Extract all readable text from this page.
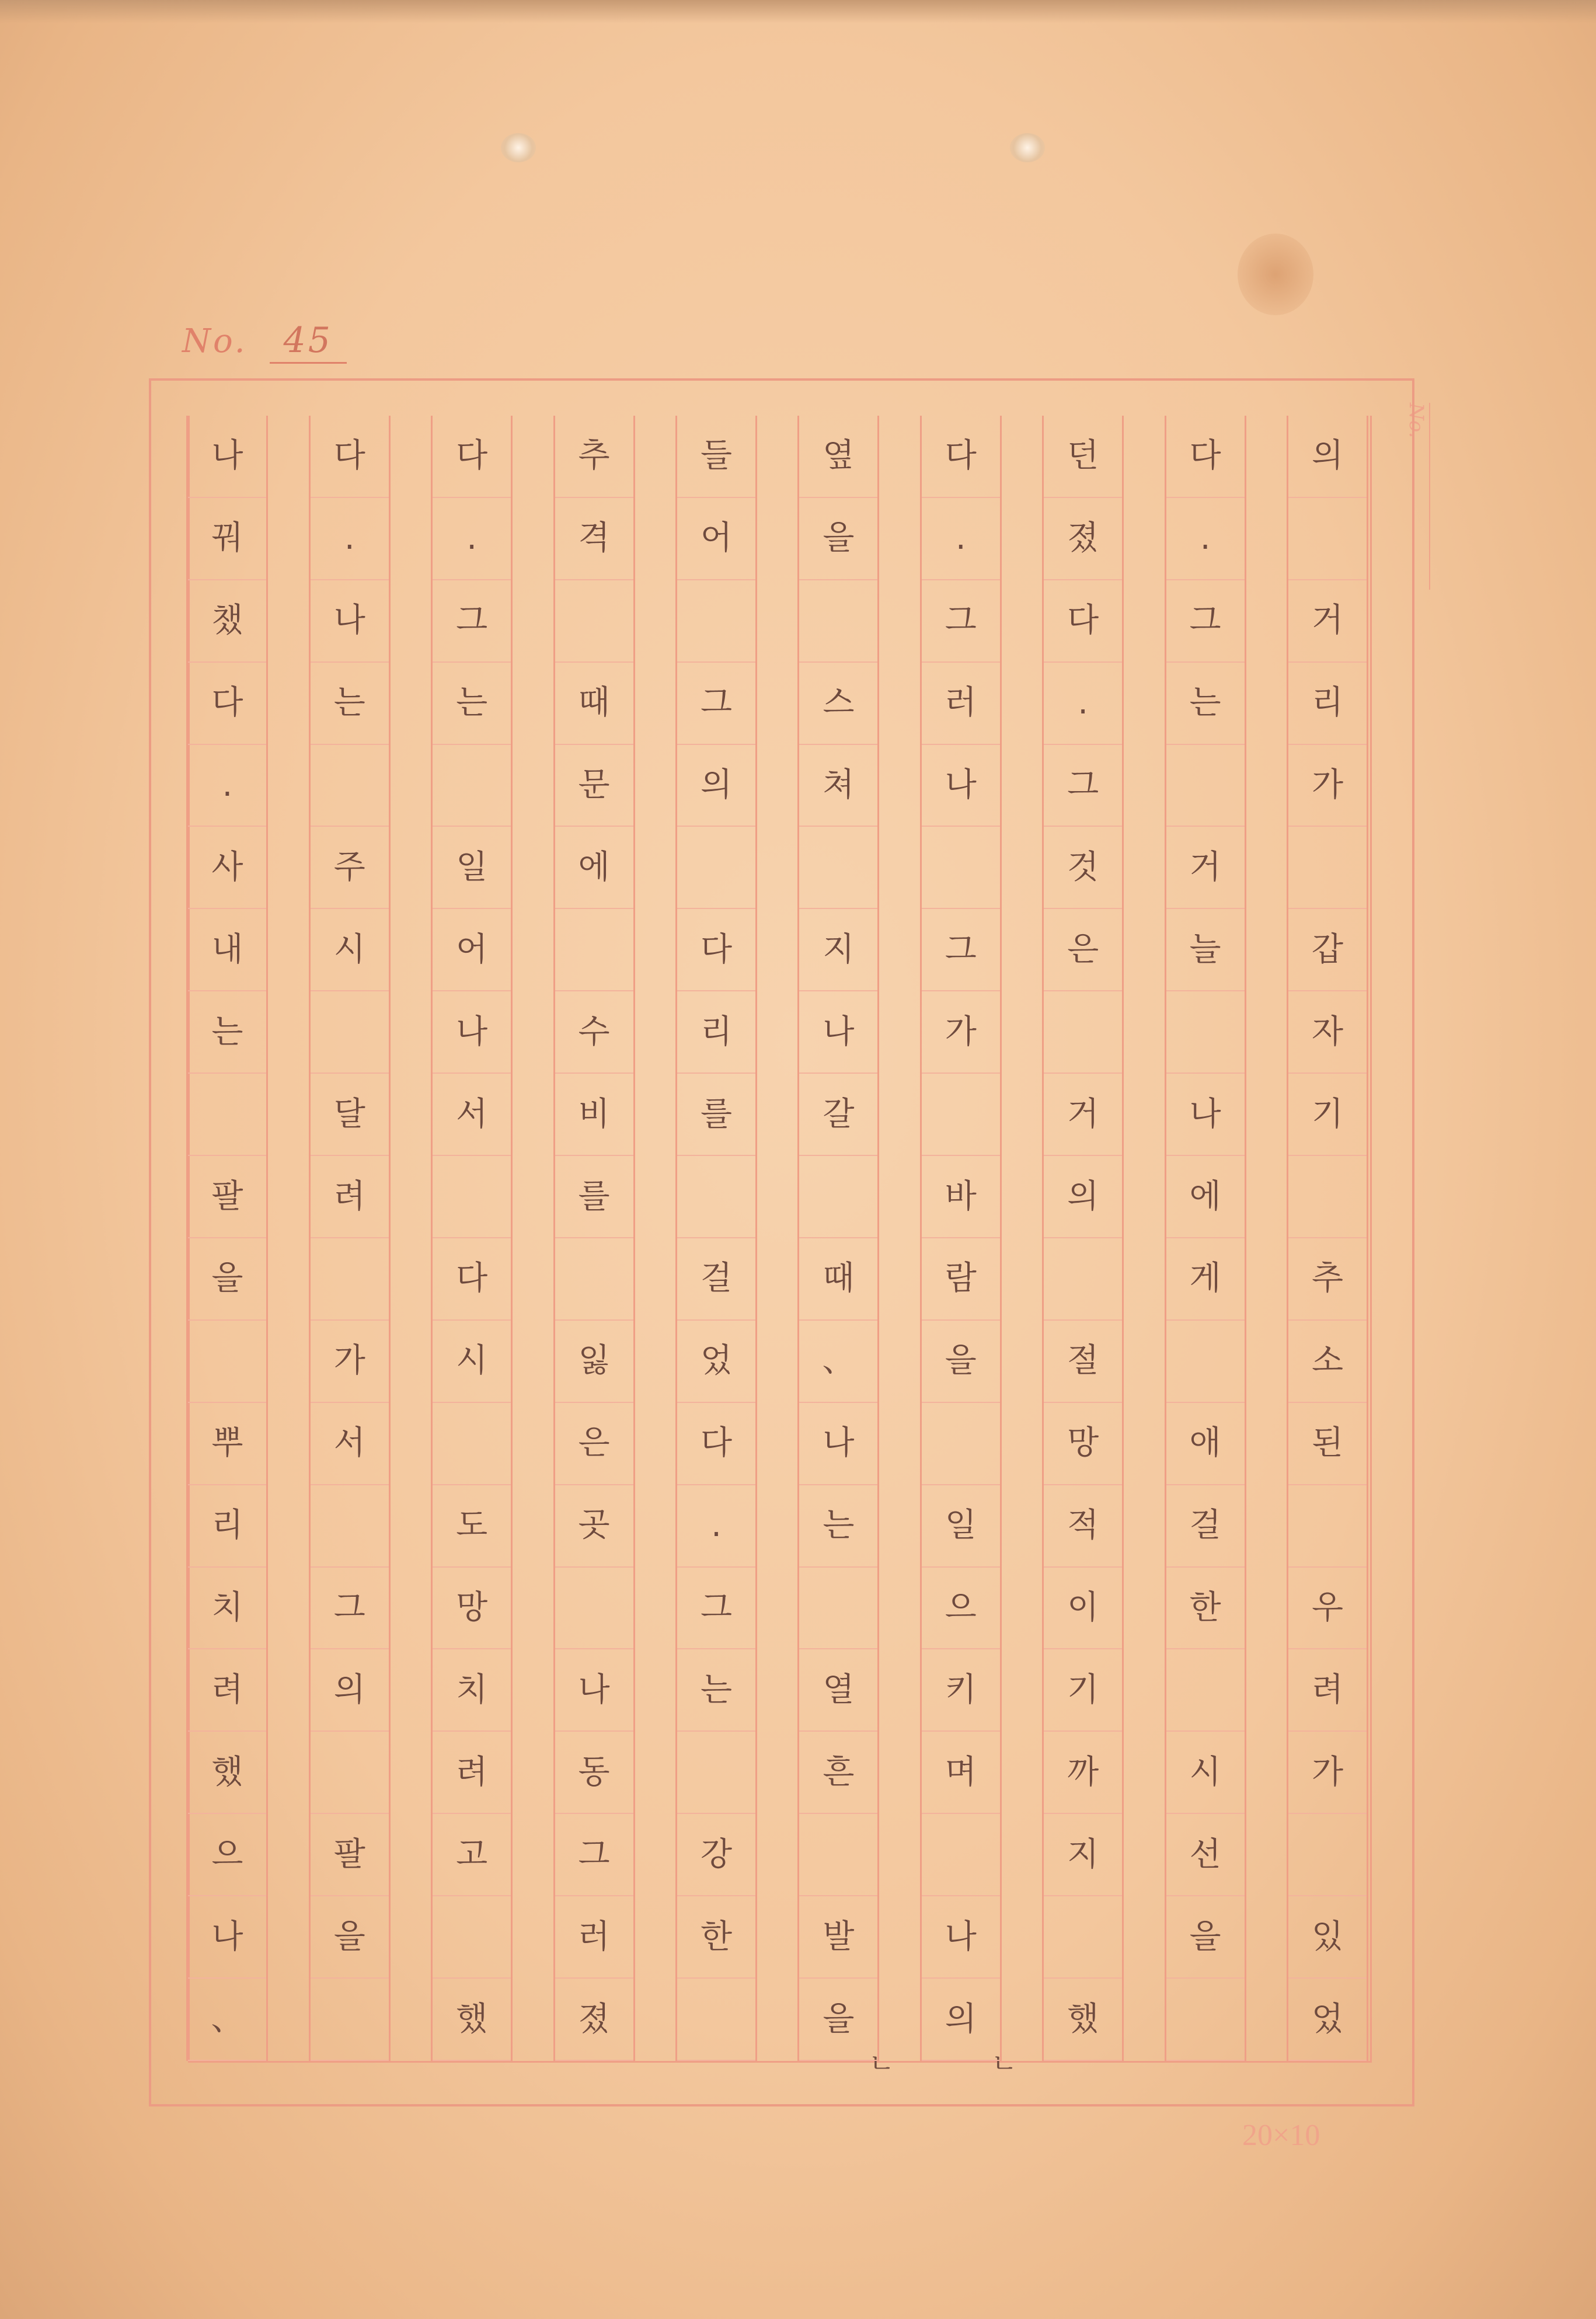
No. 45
No.
ㄴ	ㄴ
20×10
의
거
리
가
갑
자
기
추
소
된
우
려
가
있
었
다
.
그
는
거
늘
나
에
게
애
걸
한
시
선
을
던
졌
다
.
그
것
은
거
의
절
망
적
이
기
까
지
했
다
.
그
러
나
그
가
바
람
을
일
으
키
며
나
의
옆
을
스
쳐
지
나
갈
때
、
나
는
열
흔
발
을
들
어
그
의
다
리
를
걸
었
다
.
그
는
강
한
추
격
때
문
에
수
비
를
잃
은
곳
나
동
그
러
졌
다
.
그
는
일
어
나
서
다
시
도
망
치
려
고
했
다
.
나
는
주
시
달
려
가
서
그
의
팔
을
나
꿔
챘
다
.
사
내
는
팔
을
뿌
리
치
려
했
으
나
、
